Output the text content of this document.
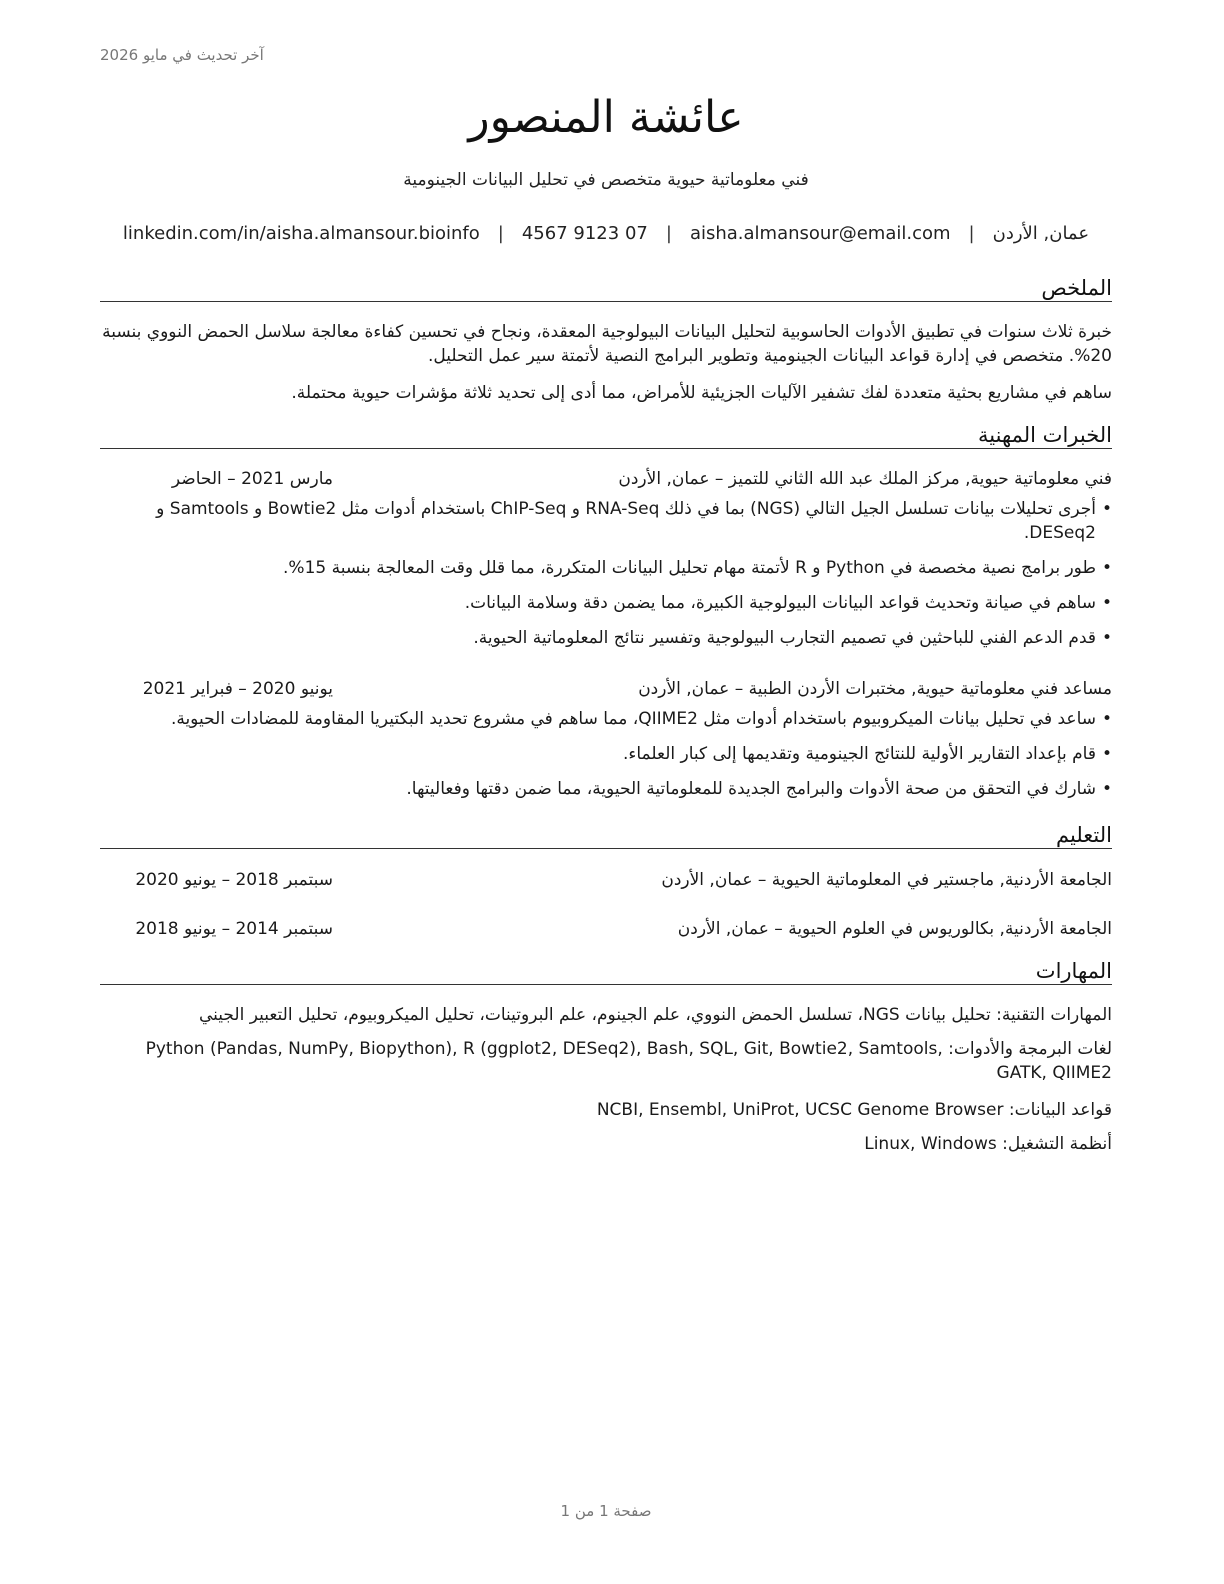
آخر تحديث في مايو 2026
عائشة المنصور
فني معلوماتية حيوية متخصص في تحليل البيانات الجينومية
عمان, الأردن
|
aisha.almansour@email.com
|
07 9123 4567
|
linkedin.com/in/aisha.almansour.bioinfo
الملخص
خبرة ثلاث سنوات في تطبيق الأدوات الحاسوبية لتحليل البيانات البيولوجية المعقدة، ونجاح في تحسين كفاءة معالجة سلاسل الحمض النووي بنسبة 20%. متخصص في إدارة قواعد البيانات الجينومية وتطوير البرامج النصية لأتمتة سير عمل التحليل.
ساهم في مشاريع بحثية متعددة لفك تشفير الآليات الجزيئية للأمراض، مما أدى إلى تحديد ثلاثة مؤشرات حيوية محتملة.
الخبرات المهنية
فني معلوماتية حيوية, مركز الملك عبد الله الثاني للتميز – عمان, الأردن
مارس 2021 – الحاضر
• أجرى تحليلات بيانات تسلسل الجيل التالي (NGS) بما في ذلك RNA-Seq و ChIP-Seq باستخدام أدوات مثل Bowtie2 و Samtools و DESeq2.
• طور برامج نصية مخصصة في Python و R لأتمتة مهام تحليل البيانات المتكررة، مما قلل وقت المعالجة بنسبة 15%.
• ساهم في صيانة وتحديث قواعد البيانات البيولوجية الكبيرة، مما يضمن دقة وسلامة البيانات.
• قدم الدعم الفني للباحثين في تصميم التجارب البيولوجية وتفسير نتائج المعلوماتية الحيوية.
مساعد فني معلوماتية حيوية, مختبرات الأردن الطبية – عمان, الأردن
يونيو 2020 – فبراير 2021
• ساعد في تحليل بيانات الميكروبيوم باستخدام أدوات مثل QIIME2، مما ساهم في مشروع تحديد البكتيريا المقاومة للمضادات الحيوية.
• قام بإعداد التقارير الأولية للنتائج الجينومية وتقديمها إلى كبار العلماء.
• شارك في التحقق من صحة الأدوات والبرامج الجديدة للمعلوماتية الحيوية، مما ضمن دقتها وفعاليتها.
التعليم
الجامعة الأردنية, ماجستير في المعلوماتية الحيوية – عمان, الأردن
سبتمبر 2018 – يونيو 2020
الجامعة الأردنية, بكالوريوس في العلوم الحيوية – عمان, الأردن
سبتمبر 2014 – يونيو 2018
المهارات
المهارات التقنية: تحليل بيانات NGS، تسلسل الحمض النووي، علم الجينوم، علم البروتينات، تحليل الميكروبيوم، تحليل التعبير الجيني
لغات البرمجة والأدوات: Python (Pandas, NumPy, Biopython), R (ggplot2, DESeq2), Bash, SQL, Git, Bowtie2, Samtools, GATK, QIIME2
قواعد البيانات: NCBI, Ensembl, UniProt, UCSC Genome Browser
أنظمة التشغيل: Linux, Windows
صفحة 1 من 1
